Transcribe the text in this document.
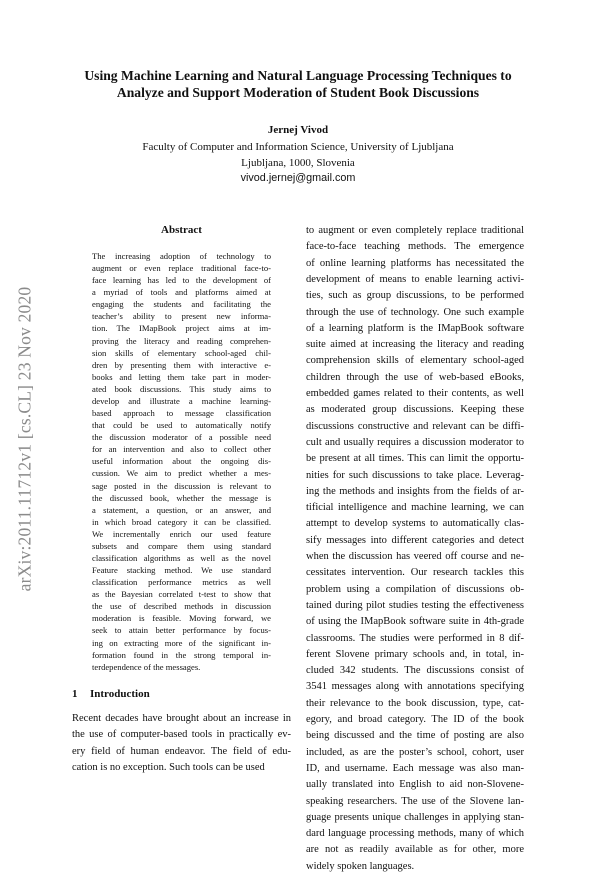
arXiv:2011.11712v1 [cs.CL] 23 Nov 2020
Using Machine Learning and Natural Language Processing Techniques to
Analyze and Support Moderation of Student Book Discussions
Jernej Vivod
Faculty of Computer and Information Science, University of Ljubljana
Ljubljana, 1000, Slovenia
vivod.jernej@gmail.com
Abstract
The increasing adoption of technology to
augment or even replace traditional face-to-
face learning has led to the development of
a myriad of tools and platforms aimed at
engaging the students and facilitating the
teacher’s ability to present new informa-
tion. The IMapBook project aims at im-
proving the literacy and reading comprehen-
sion skills of elementary school-aged chil-
dren by presenting them with interactive e-
books and letting them take part in moder-
ated book discussions. This study aims to
develop and illustrate a machine learning-
based approach to message classification
that could be used to automatically notify
the discussion moderator of a possible need
for an intervention and also to collect other
useful information about the ongoing dis-
cussion. We aim to predict whether a mes-
sage posted in the discussion is relevant to
the discussed book, whether the message is
a statement, a question, or an answer, and
in which broad category it can be classified.
We incrementally enrich our used feature
subsets and compare them using standard
classification algorithms as well as the novel
Feature stacking method. We use standard
classification performance metrics as well
as the Bayesian correlated t-test to show that
the use of described methods in discussion
moderation is feasible. Moving forward, we
seek to attain better performance by focus-
ing on extracting more of the significant in-
formation found in the strong temporal in-
terdependence of the messages.
1 Introduction
Recent decades have brought about an increase in
the use of computer-based tools in practically ev-
ery field of human endeavor. The field of edu-
cation is no exception. Such tools can be used
to augment or even completely replace traditional
face-to-face teaching methods. The emergence
of online learning platforms has necessitated the
development of means to enable learning activi-
ties, such as group discussions, to be performed
through the use of technology. One such example
of a learning platform is the IMapBook software
suite aimed at increasing the literacy and reading
comprehension skills of elementary school-aged
children through the use of web-based eBooks,
embedded games related to their contents, as well
as moderated group discussions. Keeping these
discussions constructive and relevant can be diffi-
cult and usually requires a discussion moderator to
be present at all times. This can limit the opportu-
nities for such discussions to take place. Leverag-
ing the methods and insights from the fields of ar-
tificial intelligence and machine learning, we can
attempt to develop systems to automatically clas-
sify messages into different categories and detect
when the discussion has veered off course and ne-
cessitates intervention. Our research tackles this
problem using a compilation of discussions ob-
tained during pilot studies testing the effectiveness
of using the IMapBook software suite in 4th-grade
classrooms. The studies were performed in 8 dif-
ferent Slovene primary schools and, in total, in-
cluded 342 students. The discussions consist of
3541 messages along with annotations specifying
their relevance to the book discussion, type, cat-
egory, and broad category. The ID of the book
being discussed and the time of posting are also
included, as are the poster’s school, cohort, user
ID, and username. Each message was also man-
ually translated into English to aid non-Slovene-
speaking researchers. The use of the Slovene lan-
guage presents unique challenges in applying stan-
dard language processing methods, many of which
are not as readily available as for other, more
widely spoken languages.
